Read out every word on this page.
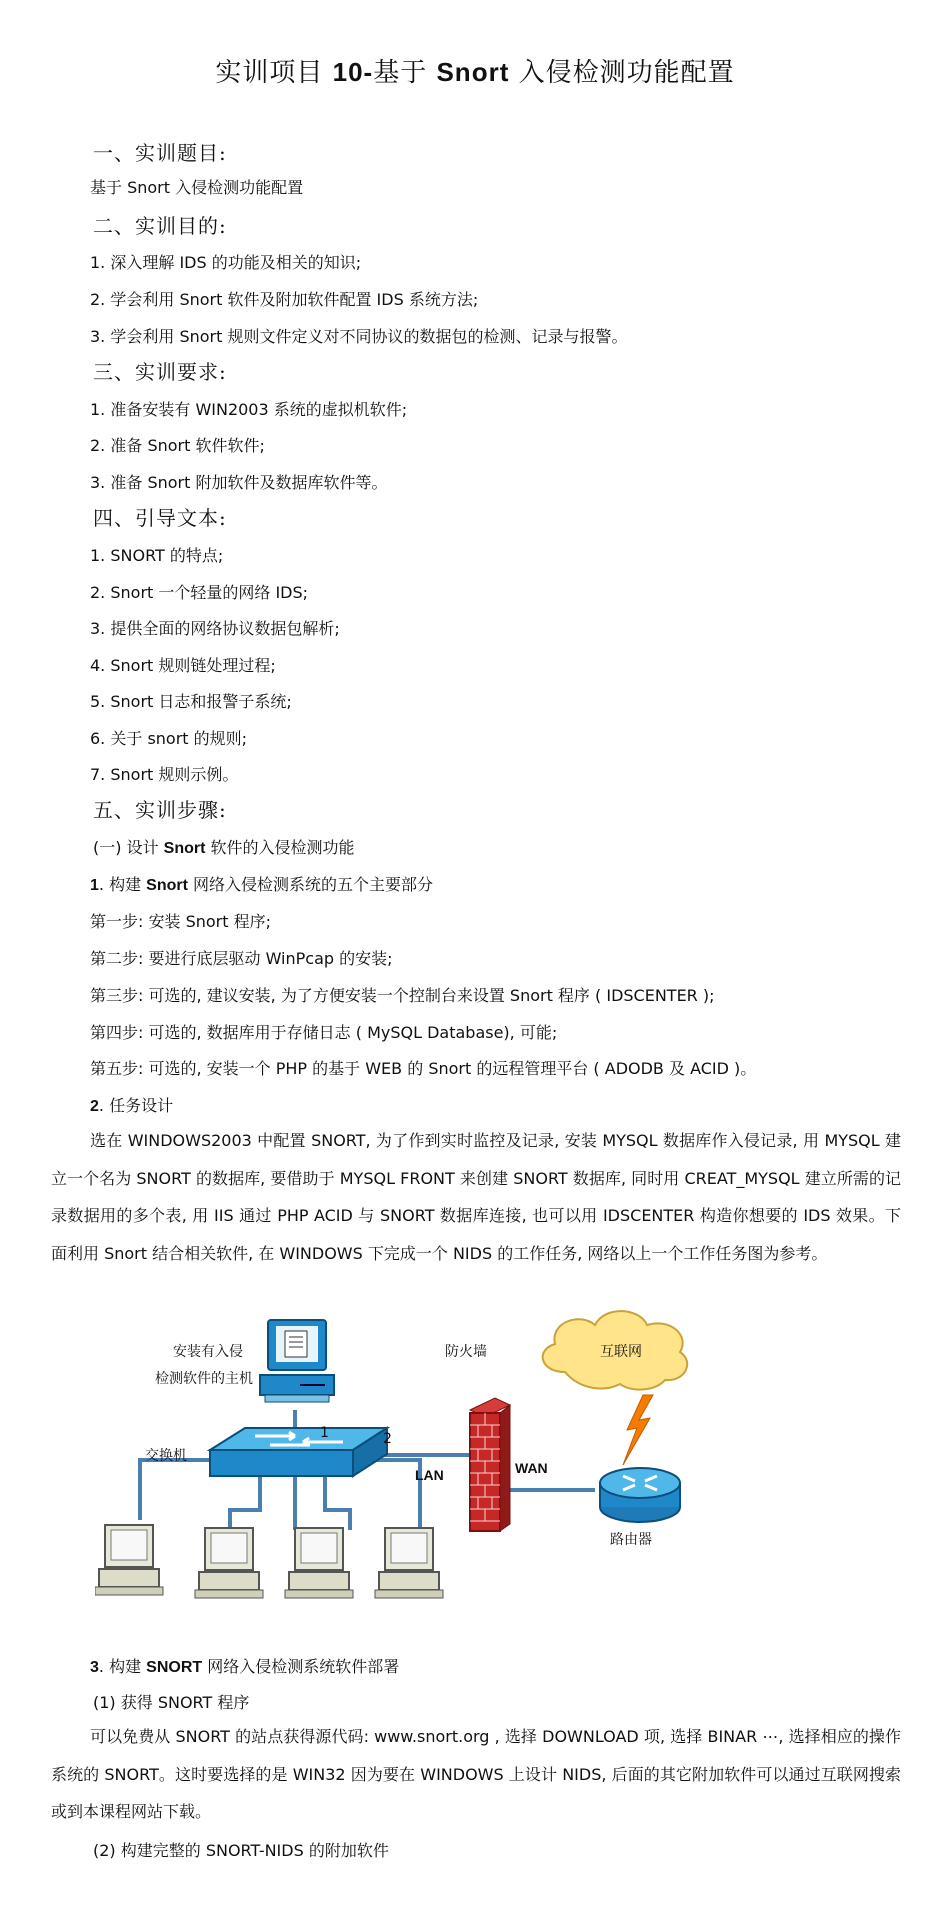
实训项目 10-基于 Snort 入侵检测功能配置
一、实训题目:
基于 Snort 入侵检测功能配置
二、实训目的:
1. 深入理解 IDS 的功能及相关的知识;
2. 学会利用 Snort 软件及附加软件配置 IDS 系统方法;
3. 学会利用 Snort 规则文件定义对不同协议的数据包的检测、记录与报警。
三、实训要求:
1. 准备安装有 WIN2003 系统的虚拟机软件;
2. 准备 Snort 软件软件;
3. 准备 Snort 附加软件及数据库软件等。
四、引导文本:
1. SNORT 的特点;
2. Snort 一个轻量的网络 IDS;
3. 提供全面的网络协议数据包解析;
4. Snort 规则链处理过程;
5. Snort 日志和报警子系统;
6. 关于 snort 的规则;
7. Snort 规则示例。
五、实训步骤:
(一) 设计 Snort 软件的入侵检测功能
1. 构建 Snort 网络入侵检测系统的五个主要部分
第一步: 安装 Snort 程序;
第二步: 要进行底层驱动 WinPcap 的安装;
第三步: 可选的, 建议安装, 为了方便安装一个控制台来设置 Snort 程序 ( IDSCENTER );
第四步: 可选的, 数据库用于存储日志 ( MySQL Database), 可能;
第五步: 可选的, 安装一个 PHP 的基于 WEB 的 Snort 的远程管理平台 ( ADODB 及 ACID )。
2. 任务设计
选在 WINDOWS2003 中配置 SNORT, 为了作到实时监控及记录, 安装 MYSQL 数据库作入侵记录, 用 MYSQL 建立一个名为 SNORT 的数据库, 要借助于 MYSQL FRONT 来创建 SNORT 数据库, 同时用 CREAT_MYSQL 建立所需的记录数据用的多个表, 用 IIS 通过 PHP ACID 与 SNORT 数据库连接, 也可以用 IDSCENTER 构造你想要的 IDS 效果。下面利用 Snort 结合相关软件, 在 WINDOWS 下完成一个 NIDS 的工作任务, 网络以上一个工作任务图为参考。
安装有入侵
检测软件的主机
防火墙	互联网
交换机
1	2
LAN	WAN
路由器
3. 构建 SNORT 网络入侵检测系统软件部署
(1) 获得 SNORT 程序
可以免费从 SNORT 的站点获得源代码: www.snort.org , 选择 DOWNLOAD 项, 选择 BINAR ⋯, 选择相应的操作系统的 SNORT。这时要选择的是 WIN32 因为要在 WINDOWS 上设计 NIDS, 后面的其它附加软件可以通过互联网搜索或到本课程网站下载。
(2) 构建完整的 SNORT-NIDS 的附加软件
